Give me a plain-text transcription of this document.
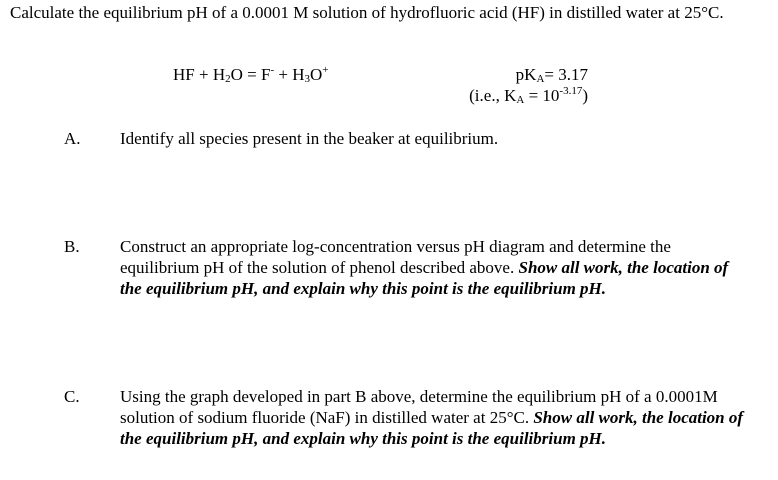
Calculate the equilibrium pH of a 0.0001 M solution of hydrofluoric acid (HF) in distilled water at 25°C.
HF + H2O = F- + H3O+	pKA= 3.17
(i.e., KA = $10^{-3.17}$)
A. Identify all species present in the beaker at equilibrium.
B. Construct an appropriate log-concentration versus pH diagram and determine the equilibrium pH of the solution of phenol described above. Show all work, the location of the equilibrium pH, and explain why this point is the equilibrium pH.
C. Using the graph developed in part B above, determine the equilibrium pH of a 0.0001M solution of sodium fluoride (NaF) in distilled water at 25°C. Show all work, the location of the equilibrium pH, and explain why this point is the equilibrium pH.
